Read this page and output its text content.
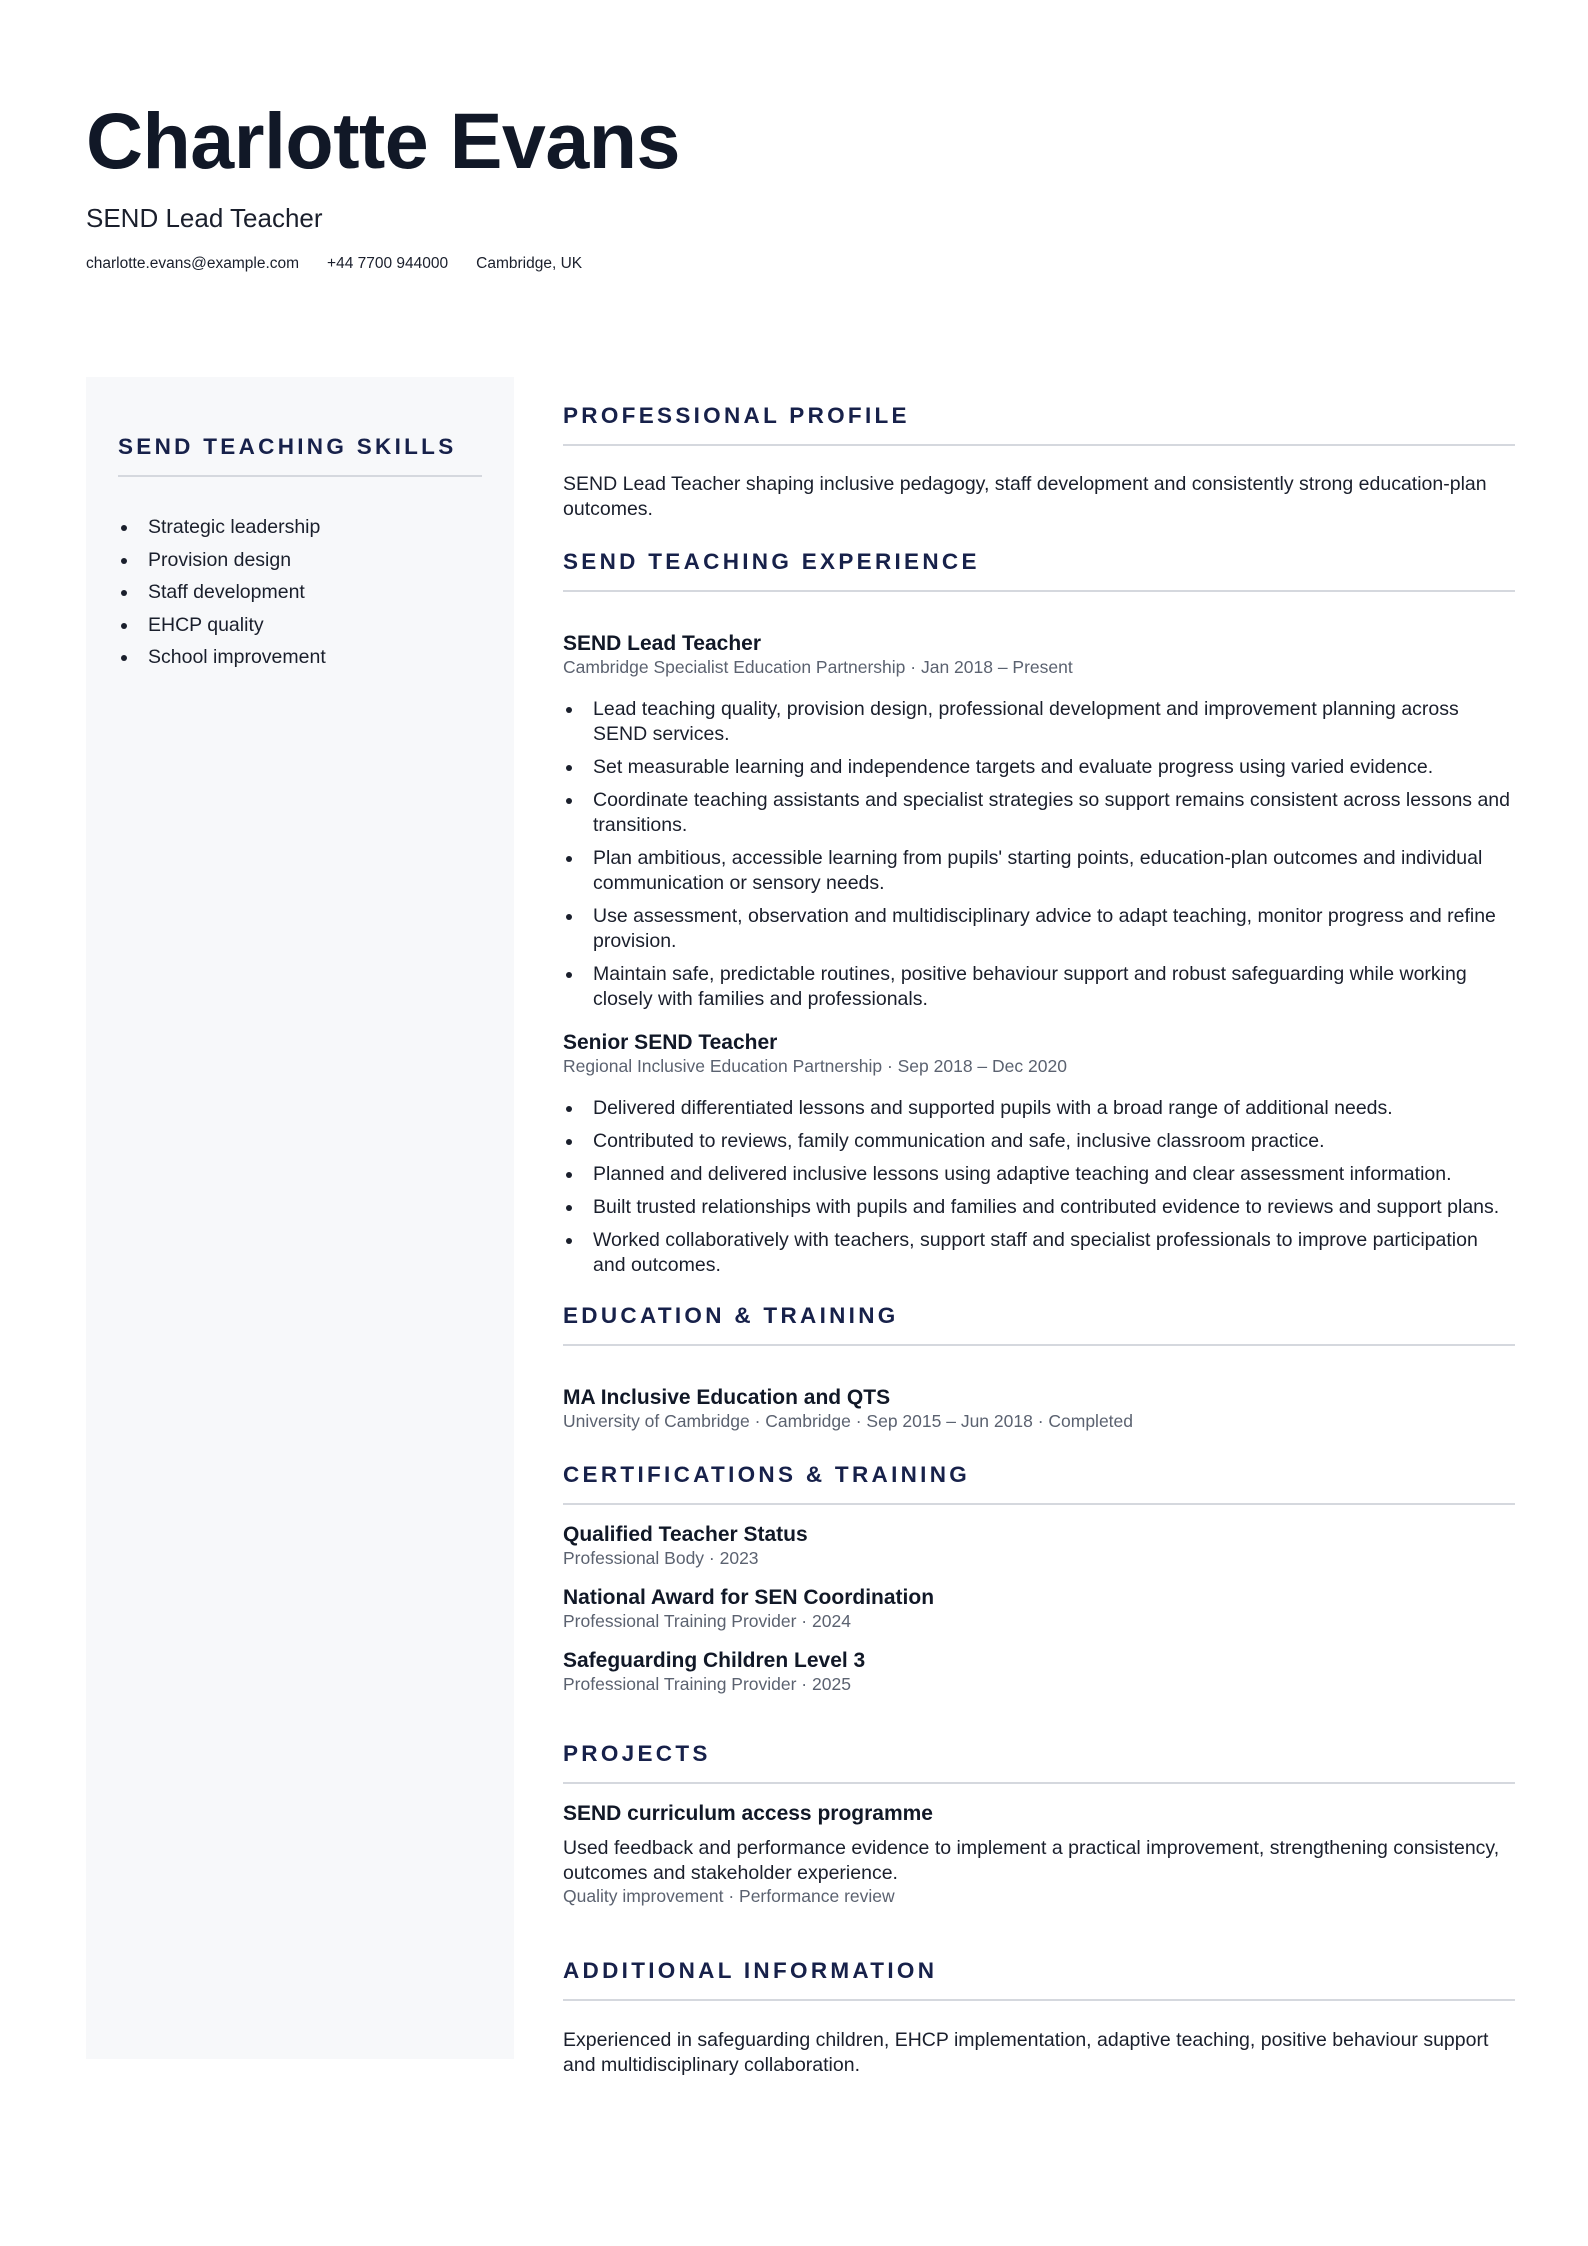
Charlotte Evans
SEND Lead Teacher
charlotte.evans@example.com +44 7700 944000 Cambridge, UK
SEND TEACHING SKILLS
Strategic leadership
Provision design
Staff development
EHCP quality
School improvement
PROFESSIONAL PROFILE

SEND Lead Teacher shaping inclusive pedagogy, staff development and consistently strong education-plan outcomes.

SEND TEACHING EXPERIENCE
SEND Lead Teacher
Cambridge Specialist Education Partnership · Jan 2018 – Present
Lead teaching quality, provision design, professional development and improvement planning across SEND services.
Set measurable learning and independence targets and evaluate progress using varied evidence.
Coordinate teaching assistants and specialist strategies so support remains consistent across lessons and transitions.
Plan ambitious, accessible learning from pupils' starting points, education-plan outcomes and individual communication or sensory needs.
Use assessment, observation and multidisciplinary advice to adapt teaching, monitor progress and refine provision.
Maintain safe, predictable routines, positive behaviour support and robust safeguarding while working closely with families and professionals.
Senior SEND Teacher
Regional Inclusive Education Partnership · Sep 2018 – Dec 2020
Delivered differentiated lessons and supported pupils with a broad range of additional needs.
Contributed to reviews, family communication and safe, inclusive classroom practice.
Planned and delivered inclusive lessons using adaptive teaching and clear assessment information.
Built trusted relationships with pupils and families and contributed evidence to reviews and support plans.
Worked collaboratively with teachers, support staff and specialist professionals to improve participation and outcomes.
EDUCATION & TRAINING
MA Inclusive Education and QTS
University of Cambridge · Cambridge · Sep 2015 – Jun 2018 · Completed
CERTIFICATIONS & TRAINING
Qualified Teacher Status
Professional Body · 2023
National Award for SEN Coordination
Professional Training Provider · 2024
Safeguarding Children Level 3
Professional Training Provider · 2025
PROJECTS
SEND curriculum access programme

Used feedback and performance evidence to implement a practical improvement, strengthening consistency, outcomes and stakeholder experience.

Quality improvement · Performance review
ADDITIONAL INFORMATION

Experienced in safeguarding children, EHCP implementation, adaptive teaching, positive behaviour support and multidisciplinary collaboration.
